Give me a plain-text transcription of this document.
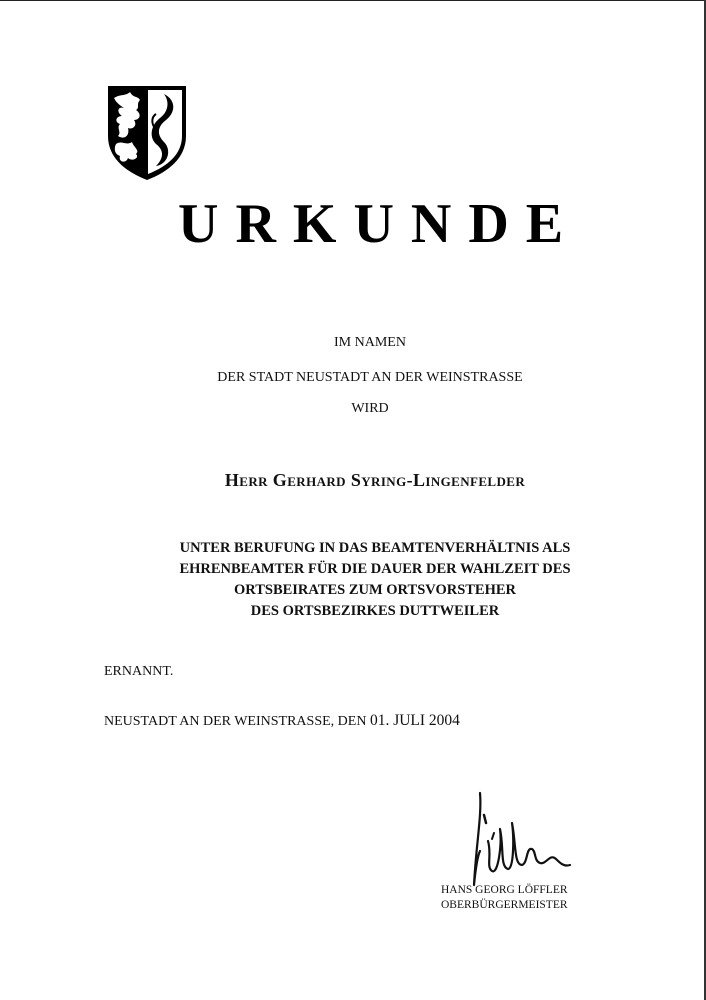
URKUNDE
IM NAMEN
DER STADT NEUSTADT AN DER WEINSTRASSE
WIRD
Herr Gerhard Syring-Lingenfelder
UNTER BERUFUNG IN DAS BEAMTENVERHÄLTNIS ALS
EHRENBEAMTER FÜR DIE DAUER DER WAHLZEIT DES
ORTSBEIRATES ZUM ORTSVORSTEHER
DES ORTSBEZIRKES DUTTWEILER
ERNANNT.
NEUSTADT AN DER WEINSTRASSE, DEN 01. JULI 2004
HANS GEORG LÖFFLER
OBERBÜRGERMEISTER
